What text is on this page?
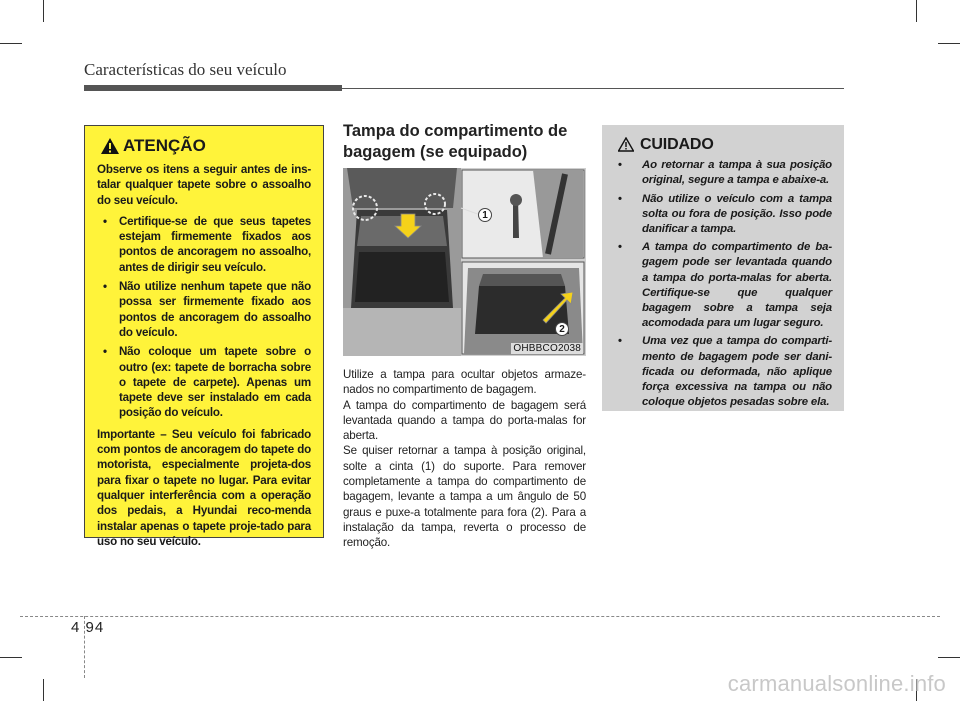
Características do seu veículo
ATENÇÃO

Observe os itens a seguir antes de ins-talar qualquer tapete sobre o assoalho do seu veículo.

• Certifique-se de que seus tapetes estejam firmemente fixados aos pontos de ancoragem no assoalho, antes de dirigir seu veículo.
• Não utilize nenhum tapete que não possa ser firmemente fixado aos pontos de ancoragem do assoalho do veículo.
• Não coloque um tapete sobre o outro (ex: tapete de borracha sobre o tapete de carpete). Apenas um tapete deve ser instalado em cada posição do veículo.

Importante – Seu veículo foi fabricado com pontos de ancoragem do tapete do motorista, especialmente projeta-dos para fixar o tapete no lugar. Para evitar qualquer interferência com a operação dos pedais, a Hyundai reco-menda instalar apenas o tapete proje-tado para uso no seu veículo.

Tampa do compartimento de bagagem (se equipado)
1
2
OHBBCO2038

Utilize a tampa para ocultar objetos armaze-nados no compartimento de bagagem.

A tampa do compartimento de bagagem será levantada quando a tampa do porta-malas for aberta.

Se quiser retornar a tampa à posição original, solte a cinta (1) do suporte. Para remover completamente a tampa do compartimento de bagagem, levante a tampa a um ângulo de 50 graus e puxe-a totalmente para fora (2). Para a instalação da tampa, reverta o processo de remoção.

CUIDADO
• Ao retornar a tampa à sua posição original, segure a tampa e abaixe-a.
• Não utilize o veículo com a tampa solta ou fora de posição. Isso pode danificar a tampa.
• A tampa do compartimento de ba-gagem pode ser levantada quando a tampa do porta-malas for aberta. Certifique-se que qualquer bagagem sobre a tampa seja acomodada para um lugar seguro.
• Uma vez que a tampa do comparti-mento de bagagem pode ser dani-ficada ou deformada, não aplique força excessiva na tampa ou não coloque objetos pesadas sobre ela.
4 94
carmanualsonline.info
